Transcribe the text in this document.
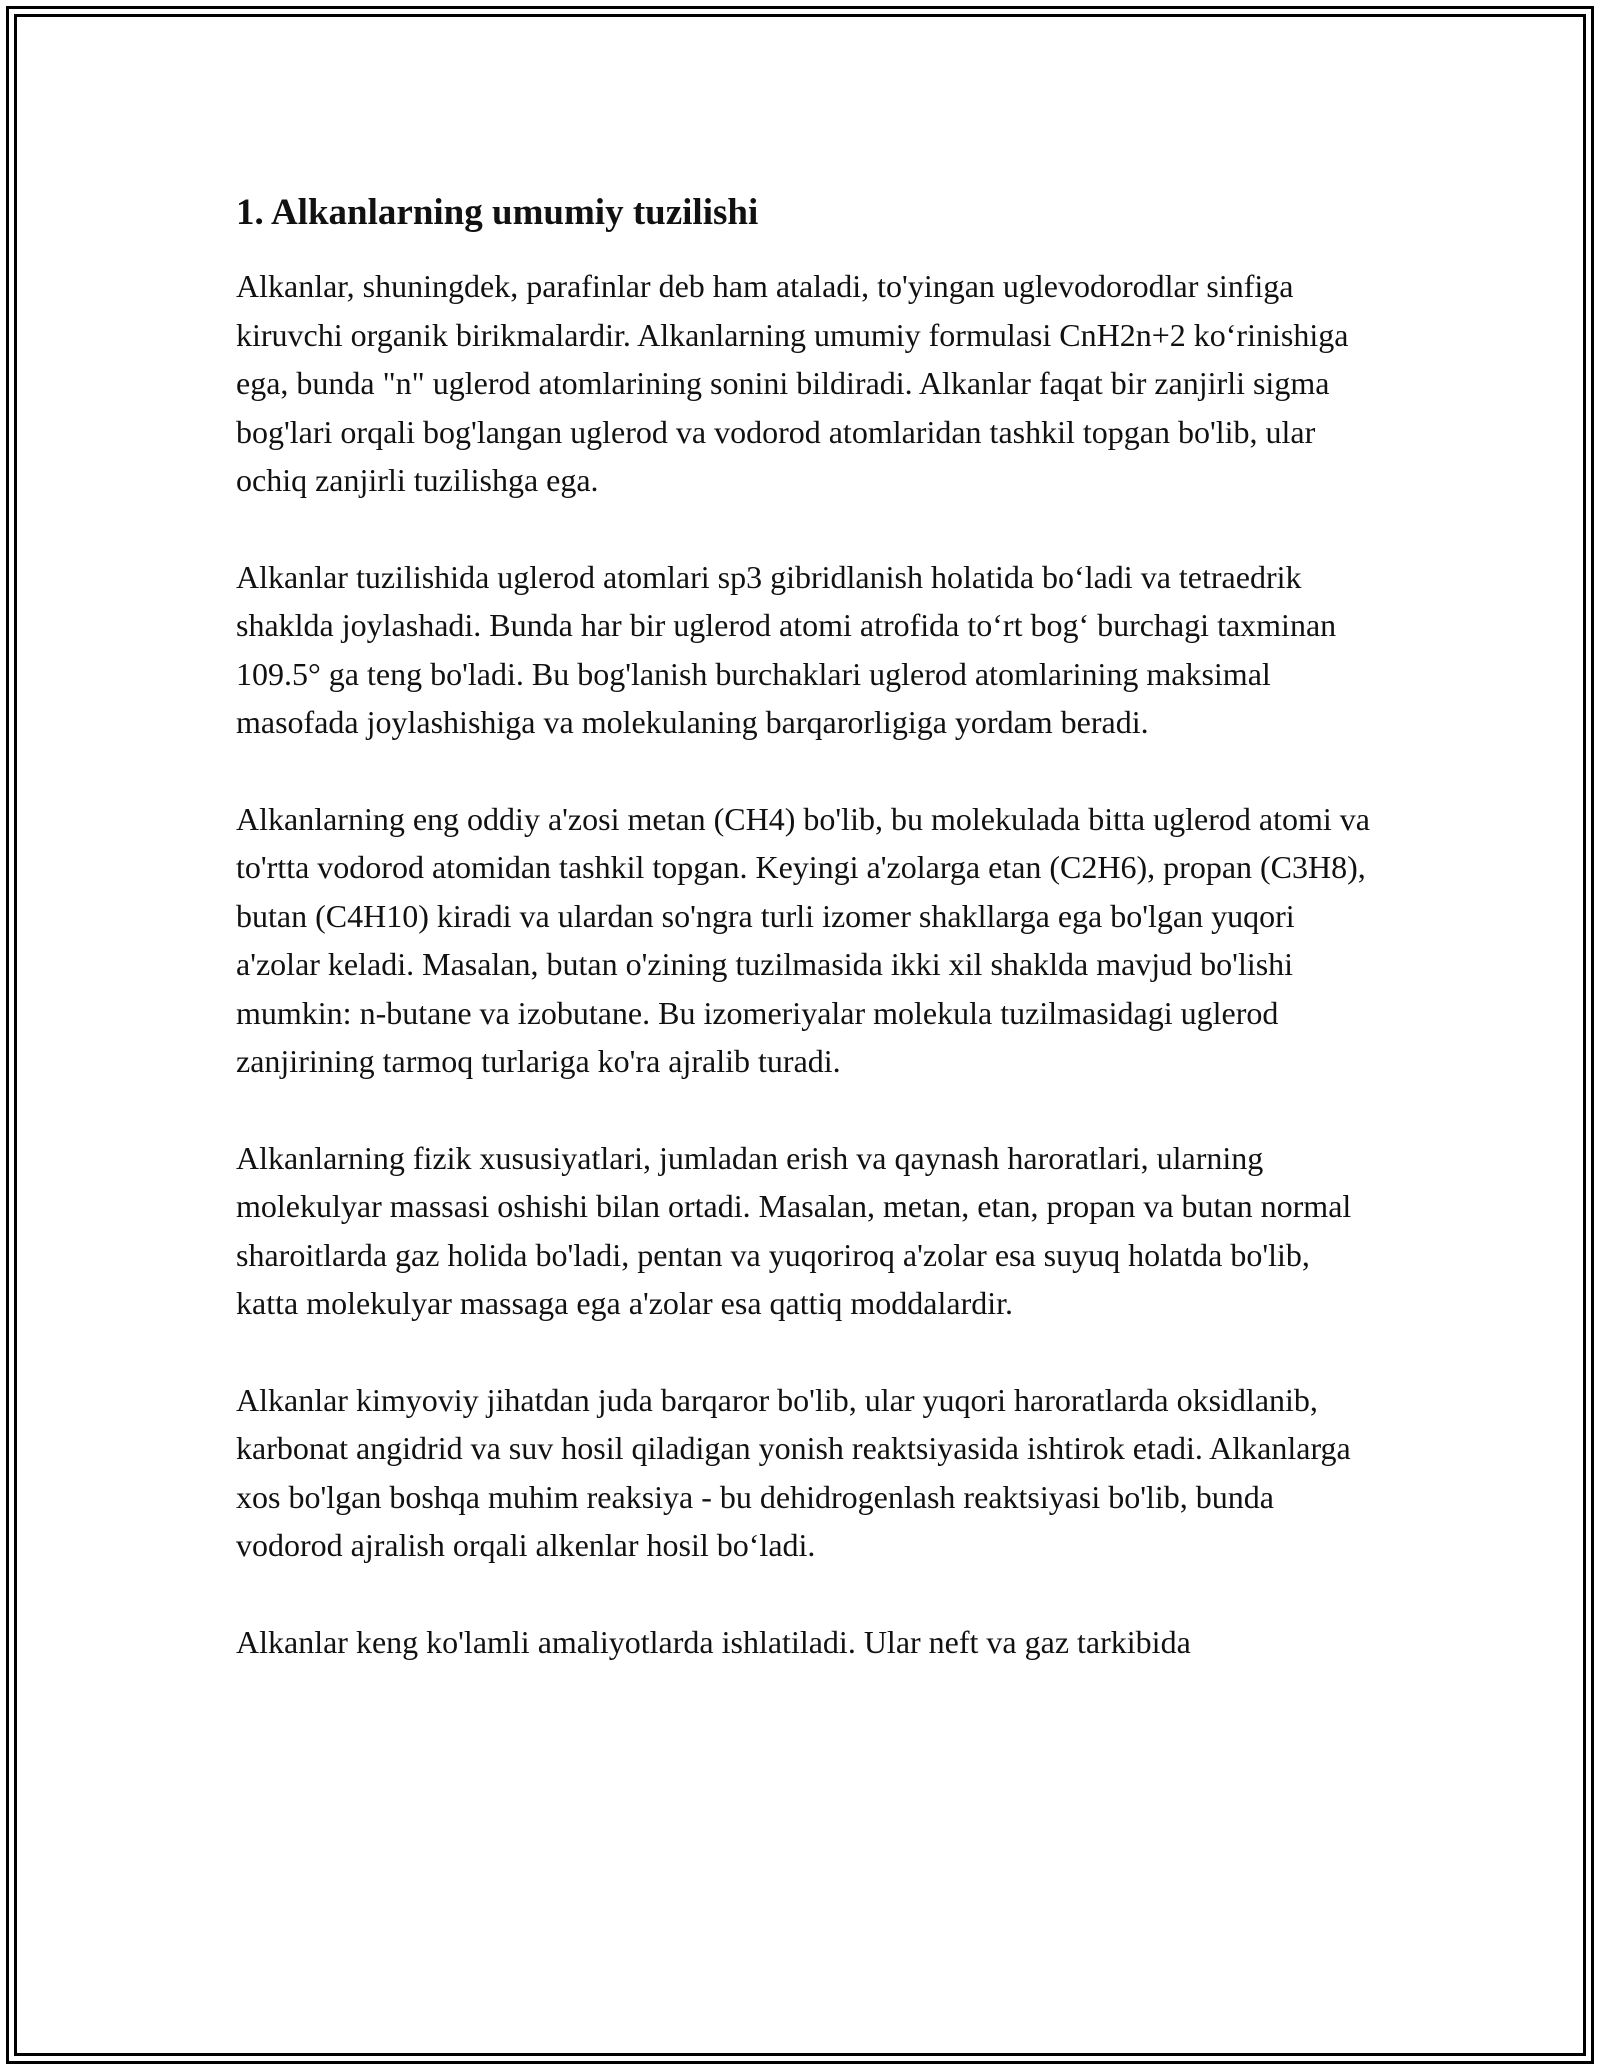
1. Alkanlarning umumiy tuzilishi

Alkanlar, shuningdek, parafinlar deb ham ataladi, to'yingan uglevodorodlar sinfiga kiruvchi organik birikmalardir. Alkanlarning umumiy formulasi CnH2n+2 ko‘rinishiga ega, bunda "n" uglerod atomlarining sonini bildiradi. Alkanlar faqat bir zanjirli sigma bog'lari orqali bog'langan uglerod va vodorod atomlaridan tashkil topgan bo'lib, ular ochiq zanjirli tuzilishga ega.

Alkanlar tuzilishida uglerod atomlari sp3 gibridlanish holatida bo‘ladi va tetraedrik shaklda joylashadi. Bunda har bir uglerod atomi atrofida to‘rt bog‘ burchagi taxminan 109.5° ga teng bo'ladi. Bu bog'lanish burchaklari uglerod atomlarining maksimal masofada joylashishiga va molekulaning barqarorligiga yordam beradi.

Alkanlarning eng oddiy a'zosi metan (CH4) bo'lib, bu molekulada bitta uglerod atomi va to'rtta vodorod atomidan tashkil topgan. Keyingi a'zolarga etan (C2H6), propan (C3H8), butan (C4H10) kiradi va ulardan so'ngra turli izomer shakllarga ega bo'lgan yuqori a'zolar keladi. Masalan, butan o'zining tuzilmasida ikki xil shaklda mavjud bo'lishi mumkin: n-butane va izobutane. Bu izomeriyalar molekula tuzilmasidagi uglerod zanjirining tarmoq turlariga ko'ra ajralib turadi.

Alkanlarning fizik xususiyatlari, jumladan erish va qaynash haroratlari, ularning molekulyar massasi oshishi bilan ortadi. Masalan, metan, etan, propan va butan normal sharoitlarda gaz holida bo'ladi, pentan va yuqoriroq a'zolar esa suyuq holatda bo'lib, katta molekulyar massaga ega a'zolar esa qattiq moddalardir.

Alkanlar kimyoviy jihatdan juda barqaror bo'lib, ular yuqori haroratlarda oksidlanib, karbonat angidrid va suv hosil qiladigan yonish reaktsiyasida ishtirok etadi. Alkanlarga xos bo'lgan boshqa muhim reaksiya - bu dehidrogenlash reaktsiyasi bo'lib, bunda vodorod ajralish orqali alkenlar hosil bo‘ladi.

Alkanlar keng ko'lamli amaliyotlarda ishlatiladi. Ular neft va gaz tarkibida
